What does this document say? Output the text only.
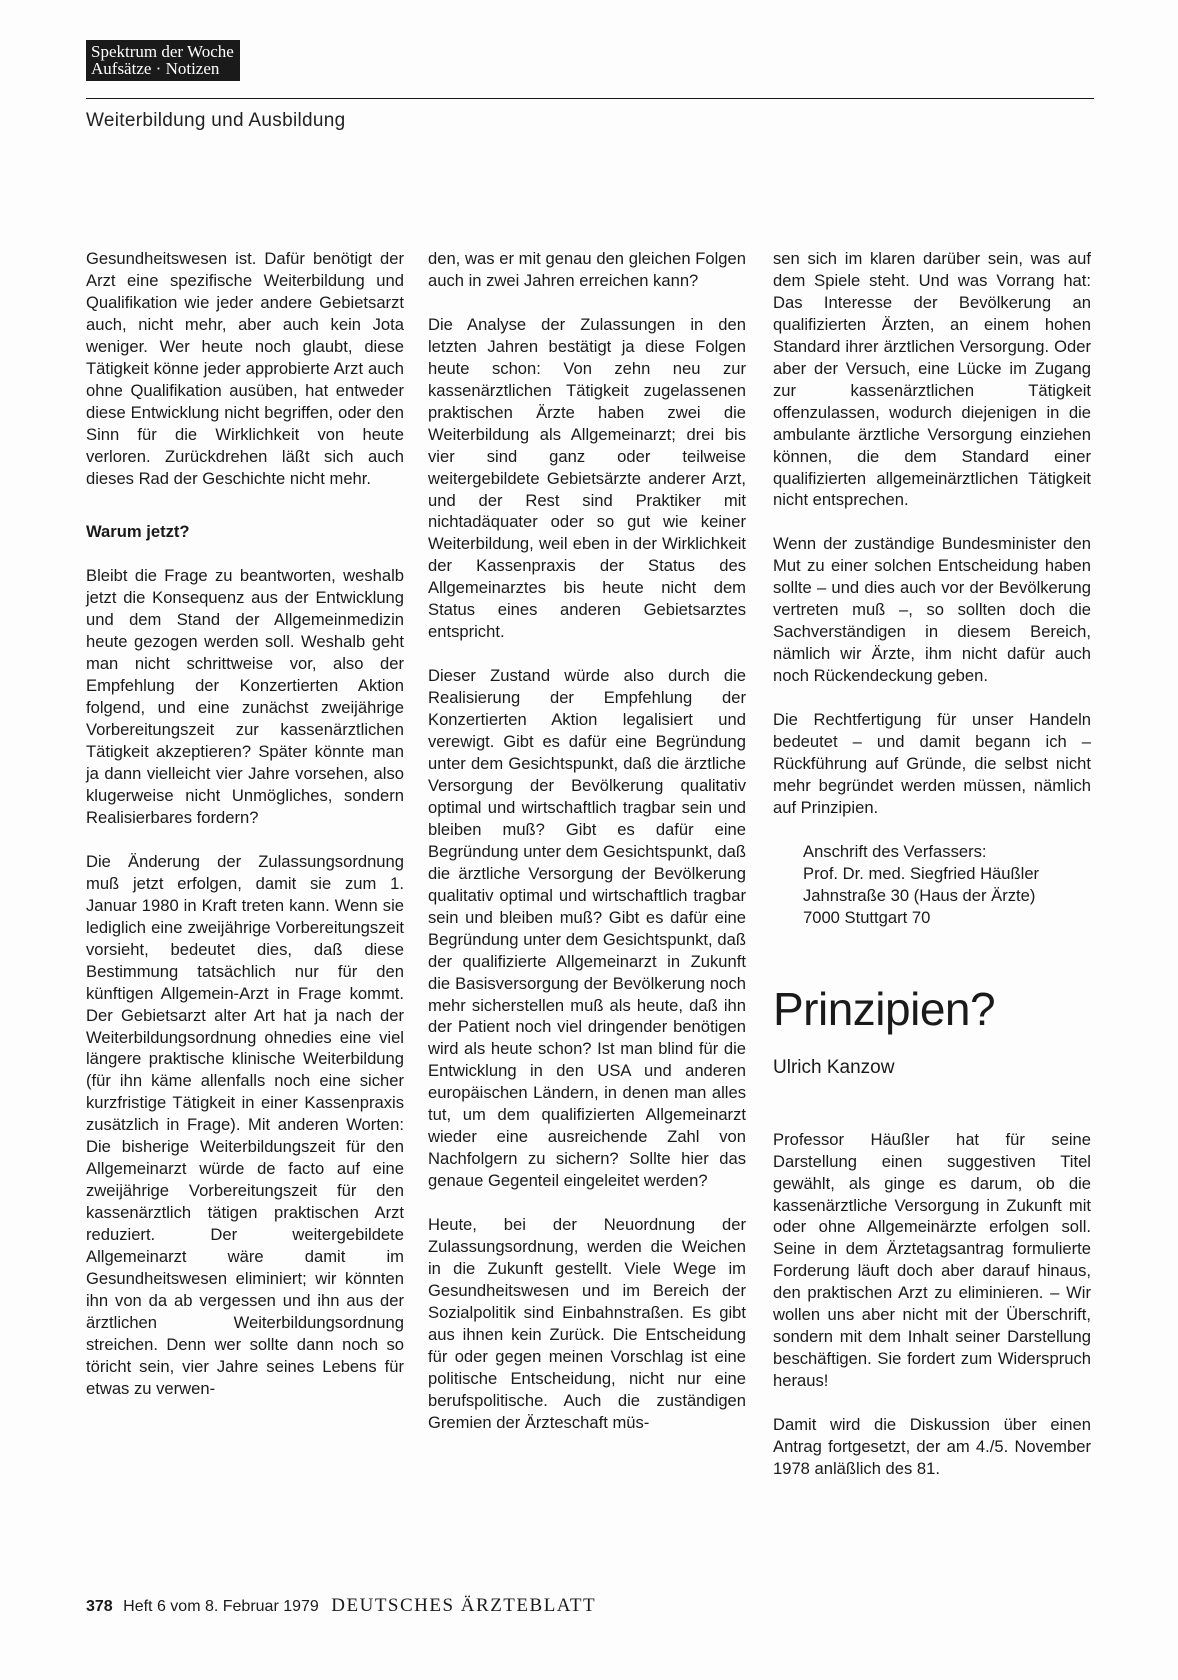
Spektrum der Woche
Aufsätze · Notizen
Weiterbildung und Ausbildung

Gesundheitswesen ist. Dafür benötigt der Arzt eine spezifische Weiterbildung und Qualifikation wie jeder andere Gebietsarzt auch, nicht mehr, aber auch kein Jota weniger. Wer heute noch glaubt, diese Tätigkeit könne jeder approbierte Arzt auch ohne Qualifikation ausüben, hat entweder diese Entwicklung nicht begriffen, oder den Sinn für die Wirklichkeit von heute verloren. Zurückdrehen läßt sich auch dieses Rad der Geschichte nicht mehr.

Warum jetzt?

Bleibt die Frage zu beantworten, weshalb jetzt die Konsequenz aus der Entwicklung und dem Stand der Allgemeinmedizin heute gezogen werden soll. Weshalb geht man nicht schrittweise vor, also der Empfehlung der Konzertierten Aktion folgend, und eine zunächst zweijährige Vorbereitungszeit zur kassenärztlichen Tätigkeit akzeptieren? Später könnte man ja dann vielleicht vier Jahre vorsehen, also klugerweise nicht Unmögliches, sondern Realisierbares fordern?

Die Änderung der Zulassungsordnung muß jetzt erfolgen, damit sie zum 1. Januar 1980 in Kraft treten kann. Wenn sie lediglich eine zweijährige Vorbereitungszeit vorsieht, bedeutet dies, daß diese Bestimmung tatsächlich nur für den künftigen Allgemein-Arzt in Frage kommt. Der Gebietsarzt alter Art hat ja nach der Weiterbildungsordnung ohnedies eine viel längere praktische klinische Weiterbildung (für ihn käme allenfalls noch eine sicher kurzfristige Tätigkeit in einer Kassenpraxis zusätzlich in Frage). Mit anderen Worten: Die bisherige Weiterbildungszeit für den Allgemeinarzt würde de facto auf eine zweijährige Vorbereitungszeit für den kassenärztlich tätigen praktischen Arzt reduziert. Der weitergebildete Allgemeinarzt wäre damit im Gesundheitswesen eliminiert; wir könnten ihn von da ab vergessen und ihn aus der ärztlichen Weiterbildungsordnung streichen. Denn wer sollte dann noch so töricht sein, vier Jahre seines Lebens für etwas zu verwen-

den, was er mit genau den gleichen Folgen auch in zwei Jahren erreichen kann?

Die Analyse der Zulassungen in den letzten Jahren bestätigt ja diese Folgen heute schon: Von zehn neu zur kassenärztlichen Tätigkeit zugelassenen praktischen Ärzte haben zwei die Weiterbildung als Allgemeinarzt; drei bis vier sind ganz oder teilweise weitergebildete Gebietsärzte anderer Arzt, und der Rest sind Praktiker mit nichtadäquater oder so gut wie keiner Weiterbildung, weil eben in der Wirklichkeit der Kassenpraxis der Status des Allgemeinarztes bis heute nicht dem Status eines anderen Gebietsarztes entspricht.

Dieser Zustand würde also durch die Realisierung der Empfehlung der Konzertierten Aktion legalisiert und verewigt. Gibt es dafür eine Begründung unter dem Gesichtspunkt, daß die ärztliche Versorgung der Bevölkerung qualitativ optimal und wirtschaftlich tragbar sein und bleiben muß? Gibt es dafür eine Begründung unter dem Gesichtspunkt, daß die ärztliche Versorgung der Bevölkerung qualitativ optimal und wirtschaftlich tragbar sein und bleiben muß? Gibt es dafür eine Begründung unter dem Gesichtspunkt, daß der qualifizierte Allgemeinarzt in Zukunft die Basisversorgung der Bevölkerung noch mehr sicherstellen muß als heute, daß ihn der Patient noch viel dringender benötigen wird als heute schon? Ist man blind für die Entwicklung in den USA und anderen europäischen Ländern, in denen man alles tut, um dem qualifizierten Allgemeinarzt wieder eine ausreichende Zahl von Nachfolgern zu sichern? Sollte hier das genaue Gegenteil eingeleitet werden?

Heute, bei der Neuordnung der Zulassungsordnung, werden die Weichen in die Zukunft gestellt. Viele Wege im Gesundheitswesen und im Bereich der Sozialpolitik sind Einbahnstraßen. Es gibt aus ihnen kein Zurück. Die Entscheidung für oder gegen meinen Vorschlag ist eine politische Entscheidung, nicht nur eine berufspolitische. Auch die zuständigen Gremien der Ärzteschaft müs-

sen sich im klaren darüber sein, was auf dem Spiele steht. Und was Vorrang hat: Das Interesse der Bevölkerung an qualifizierten Ärzten, an einem hohen Standard ihrer ärztlichen Versorgung. Oder aber der Versuch, eine Lücke im Zugang zur kassenärztlichen Tätigkeit offenzulassen, wodurch diejenigen in die ambulante ärztliche Versorgung einziehen können, die dem Standard einer qualifizierten allgemeinärztlichen Tätigkeit nicht entsprechen.

Wenn der zuständige Bundesminister den Mut zu einer solchen Entscheidung haben sollte – und dies auch vor der Bevölkerung vertreten muß –, so sollten doch die Sachverständigen in diesem Bereich, nämlich wir Ärzte, ihm nicht dafür auch noch Rückendeckung geben.

Die Rechtfertigung für unser Handeln bedeutet – und damit begann ich – Rückführung auf Gründe, die selbst nicht mehr begründet werden müssen, nämlich auf Prinzipien.

Anschrift des Verfassers:
Prof. Dr. med. Siegfried Häußler
Jahnstraße 30 (Haus der Ärzte)
7000 Stuttgart 70
Prinzipien?
Ulrich Kanzow

Professor Häußler hat für seine Darstellung einen suggestiven Titel gewählt, als ginge es darum, ob die kassenärztliche Versorgung in Zukunft mit oder ohne Allgemeinärzte erfolgen soll. Seine in dem Ärztetagsantrag formulierte Forderung läuft doch aber darauf hinaus, den praktischen Arzt zu eliminieren. – Wir wollen uns aber nicht mit der Überschrift, sondern mit dem Inhalt seiner Darstellung beschäftigen. Sie fordert zum Widerspruch heraus!

Damit wird die Diskussion über einen Antrag fortgesetzt, der am 4./5. November 1978 anläßlich des 81.

378 Heft 6 vom 8. Februar 1979 DEUTSCHES ÄRZTEBLATT
